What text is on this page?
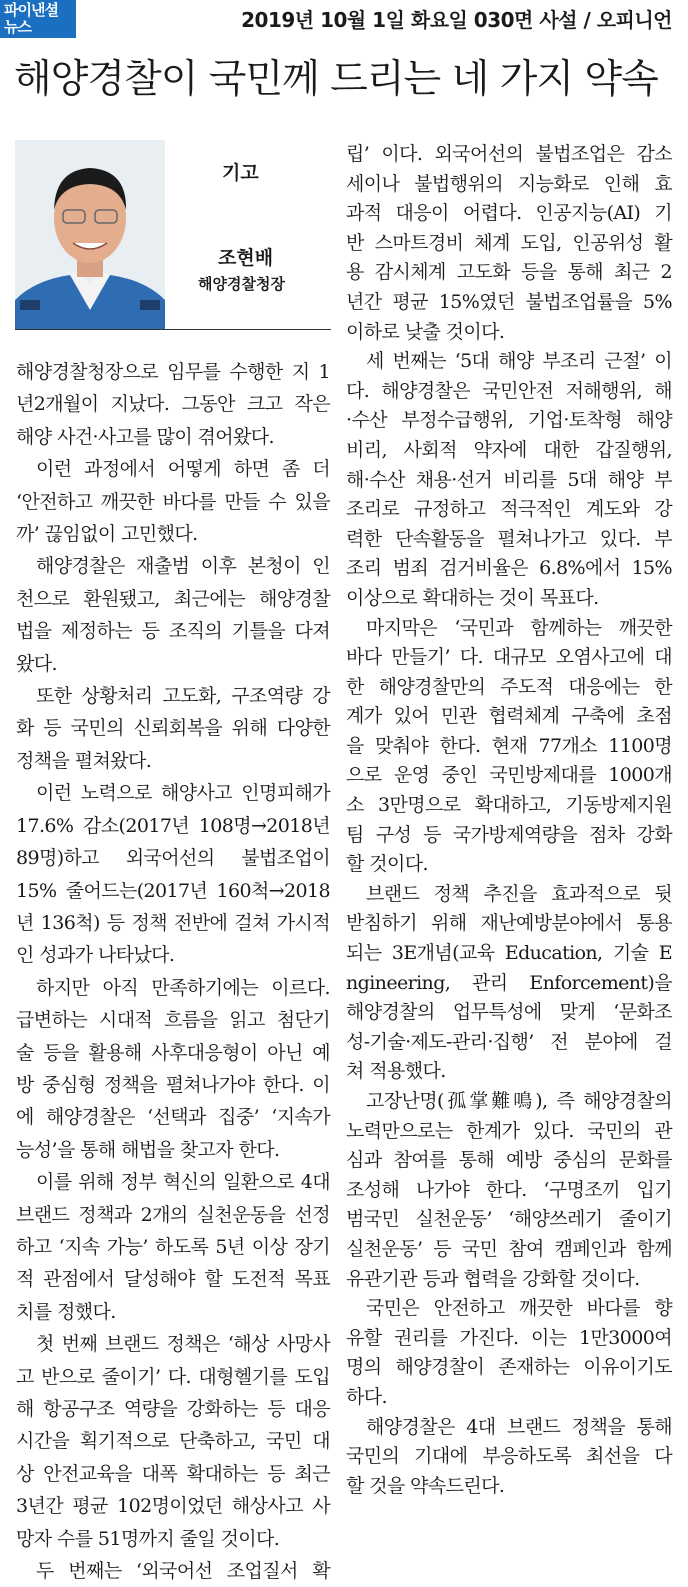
파이낸셜
뉴스	2019년 10월 1일 화요일 030면 사설 / 오피니언
해양경찰이 국민께 드리는 네 가지 약속
기고
조현배
해양경찰청장
해양경찰청장으로 임무를 수행한 지 1
년2개월이 지났다. 그동안 크고 작은
해양 사건·사고를 많이 겪어왔다.
이런 과정에서 어떻게 하면 좀 더
‘안전하고 깨끗한 바다를 만들 수 있을
까’ 끊임없이 고민했다.
해양경찰은 재출범 이후 본청이 인
천으로 환원됐고, 최근에는 해양경찰
법을 제정하는 등 조직의 기틀을 다져
왔다.
또한 상황처리 고도화, 구조역량 강
화 등 국민의 신뢰회복을 위해 다양한
정책을 펼쳐왔다.
이런 노력으로 해양사고 인명피해가
17.6% 감소(2017년 108명→2018년
89명)하고 외국어선의 불법조업이
15% 줄어드는(2017년 160척→2018
년 136척) 등 정책 전반에 걸쳐 가시적
인 성과가 나타났다.
하지만 아직 만족하기에는 이르다.
급변하는 시대적 흐름을 읽고 첨단기
술 등을 활용해 사후대응형이 아닌 예
방 중심형 정책을 펼쳐나가야 한다. 이
에 해양경찰은 ‘선택과 집중’ ‘지속가
능성’을 통해 해법을 찾고자 한다.
이를 위해 정부 혁신의 일환으로 4대
브랜드 정책과 2개의 실천운동을 선정
하고 ‘지속 가능’ 하도록 5년 이상 장기
적 관점에서 달성해야 할 도전적 목표
치를 정했다.
첫 번째 브랜드 정책은 ‘해상 사망사
고 반으로 줄이기’ 다. 대형헬기를 도입
해 항공구조 역량을 강화하는 등 대응
시간을 획기적으로 단축하고, 국민 대
상 안전교육을 대폭 확대하는 등 최근
3년간 평균 102명이었던 해상사고 사
망자 수를 51명까지 줄일 것이다.
두 번째는 ‘외국어선 조업질서 확
립’ 이다. 외국어선의 불법조업은 감소
세이나 불법행위의 지능화로 인해 효
과적 대응이 어렵다. 인공지능(AI) 기
반 스마트경비 체계 도입, 인공위성 활
용 감시체계 고도화 등을 통해 최근 2
년간 평균 15%였던 불법조업률을 5%
이하로 낮출 것이다.
세 번째는 ‘5대 해양 부조리 근절’ 이
다. 해양경찰은 국민안전 저해행위, 해
·수산 부정수급행위, 기업·토착형 해양
비리, 사회적 약자에 대한 갑질행위,
해·수산 채용·선거 비리를 5대 해양 부
조리로 규정하고 적극적인 계도와 강
력한 단속활동을 펼쳐나가고 있다. 부
조리 범죄 검거비율은 6.8%에서 15%
이상으로 확대하는 것이 목표다.
마지막은 ‘국민과 함께하는 깨끗한
바다 만들기’ 다. 대규모 오염사고에 대
한 해양경찰만의 주도적 대응에는 한
계가 있어 민관 협력체계 구축에 초점
을 맞춰야 한다. 현재 77개소 1100명
으로 운영 중인 국민방제대를 1000개
소 3만명으로 확대하고, 기동방제지원
팀 구성 등 국가방제역량을 점차 강화
할 것이다.
브랜드 정책 추진을 효과적으로 뒷
받침하기 위해 재난예방분야에서 통용
되는 3E개념(교육 Education, 기술 E
ngineering, 관리 Enforcement)을
해양경찰의 업무특성에 맞게 ‘문화조
성-기술·제도-관리·집행’ 전 분야에 걸
쳐 적용했다.
고장난명(孤掌難鳴), 즉 해양경찰의
노력만으로는 한계가 있다. 국민의 관
심과 참여를 통해 예방 중심의 문화를
조성해 나가야 한다. ‘구명조끼 입기
범국민 실천운동’ ‘해양쓰레기 줄이기
실천운동’ 등 국민 참여 캠페인과 함께
유관기관 등과 협력을 강화할 것이다.
국민은 안전하고 깨끗한 바다를 향
유할 권리를 가진다. 이는 1만3000여
명의 해양경찰이 존재하는 이유이기도
하다.
해양경찰은 4대 브랜드 정책을 통해
국민의 기대에 부응하도록 최선을 다
할 것을 약속드린다.
